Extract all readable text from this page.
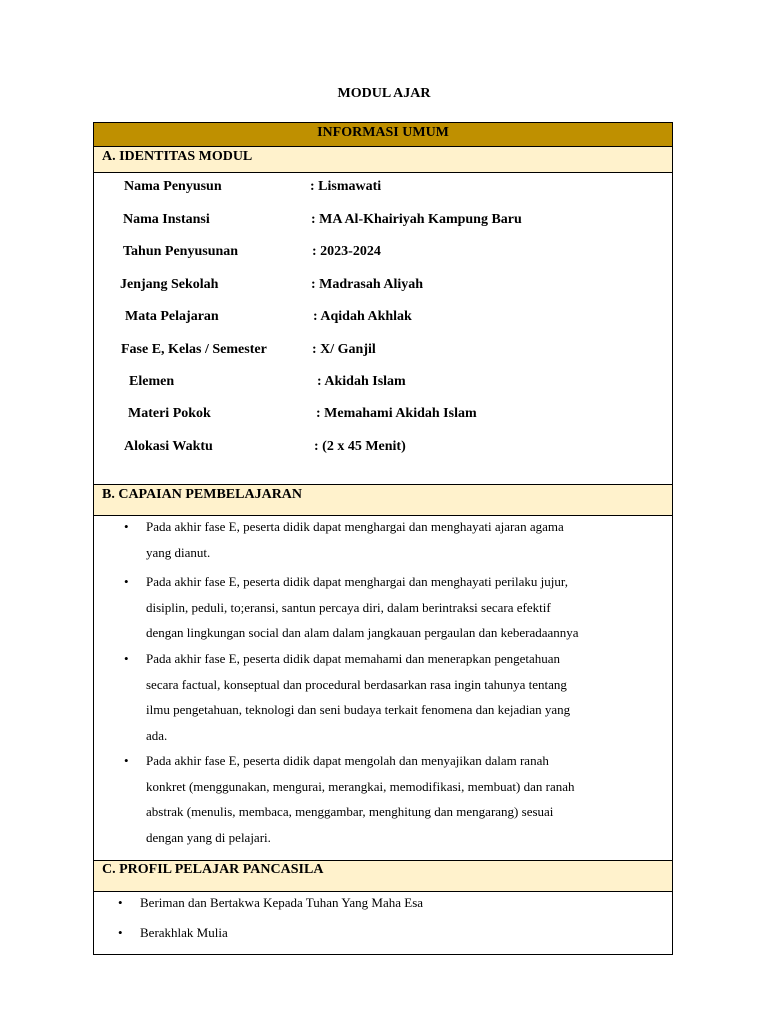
MODUL AJAR
INFORMASI UMUM
A. IDENTITAS MODUL
Nama Penyusun	: Lismawati
Nama Instansi	: MA Al-Khairiyah Kampung Baru
Tahun Penyusunan	: 2023-2024
Jenjang Sekolah	: Madrasah Aliyah
Mata Pelajaran	: Aqidah Akhlak
Fase E, Kelas / Semester	: X/ Ganjil
Elemen	: Akidah Islam
Materi Pokok	: Memahami Akidah Islam
Alokasi Waktu	: (2 x 45 Menit)
B. CAPAIAN PEMBELAJARAN
•	Pada akhir fase E, peserta didik dapat menghargai dan menghayati ajaran agama
yang dianut.
•	Pada akhir fase E, peserta didik dapat menghargai dan menghayati perilaku jujur,
disiplin, peduli, to;eransi, santun percaya diri, dalam berintraksi secara efektif
dengan lingkungan social dan alam dalam jangkauan pergaulan dan keberadaannya
•	Pada akhir fase E, peserta didik dapat memahami dan menerapkan pengetahuan
secara factual, konseptual dan procedural berdasarkan rasa ingin tahunya tentang
ilmu pengetahuan, teknologi dan seni budaya terkait fenomena dan kejadian yang
ada.
•	Pada akhir fase E, peserta didik dapat mengolah dan menyajikan dalam ranah
konkret (menggunakan, mengurai, merangkai, memodifikasi, membuat) dan ranah
abstrak (menulis, membaca, menggambar, menghitung dan mengarang) sesuai
dengan yang di pelajari.
C. PROFIL PELAJAR PANCASILA
•	Beriman dan Bertakwa Kepada Tuhan Yang Maha Esa
•	Berakhlak Mulia
